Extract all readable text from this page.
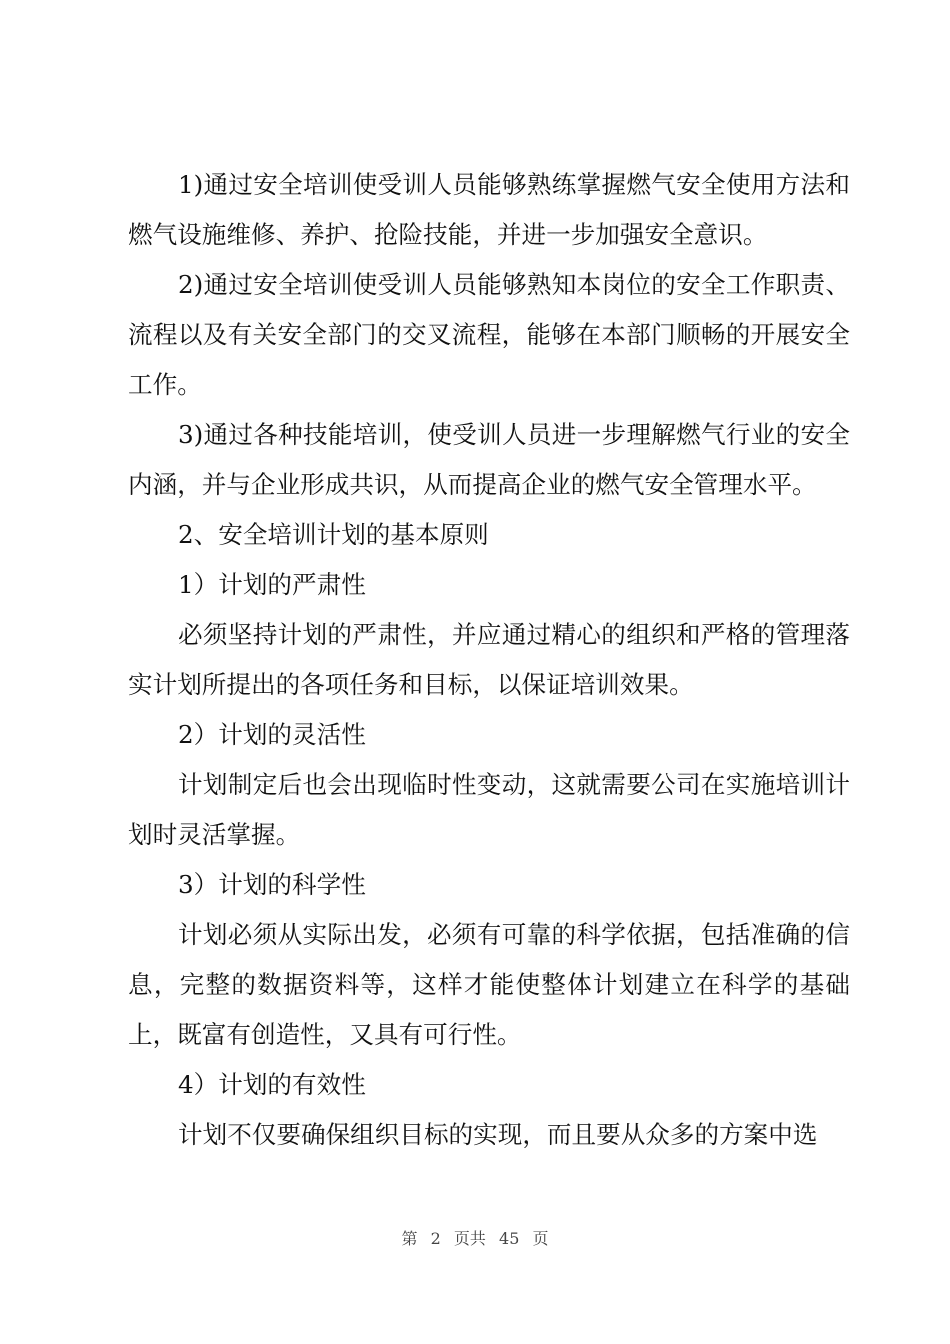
1)通过安全培训使受训人员能够熟练掌握燃气安全使用方法和燃气设施维修、养护、抢险技能，并进一步加强安全意识。

2)通过安全培训使受训人员能够熟知本岗位的安全工作职责、流程以及有关安全部门的交叉流程，能够在本部门顺畅的开展安全工作。

3)通过各种技能培训，使受训人员进一步理解燃气行业的安全内涵，并与企业形成共识，从而提高企业的燃气安全管理水平。

2、安全培训计划的基本原则

1）计划的严肃性

必须坚持计划的严肃性，并应通过精心的组织和严格的管理落实计划所提出的各项任务和目标，以保证培训效果。

2）计划的灵活性

计划制定后也会出现临时性变动，这就需要公司在实施培训计划时灵活掌握。

3）计划的科学性

计划必须从实际出发，必须有可靠的科学依据，包括准确的信息，完整的数据资料等，这样才能使整体计划建立在科学的基础上，既富有创造性，又具有可行性。

4）计划的有效性

计划不仅要确保组织目标的实现，而且要从众多的方案中选

第 2 页共 45 页
